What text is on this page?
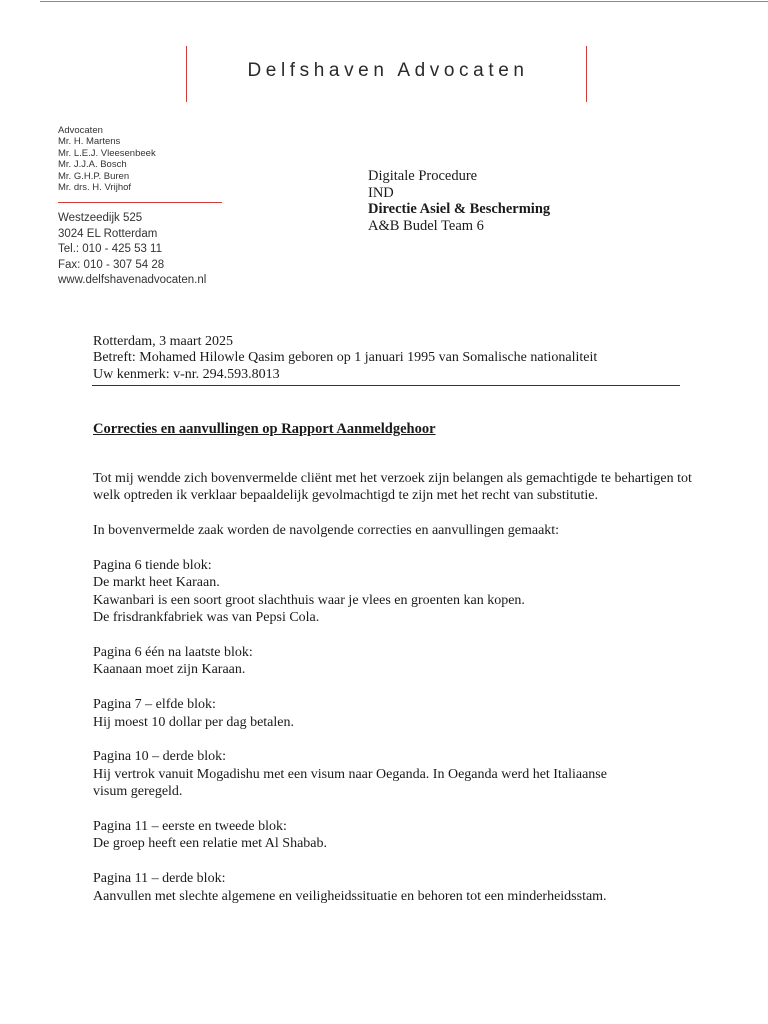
Delfshaven Advocaten
Advocaten
Mr. H. Martens
Mr. L.E.J. Vleesenbeek
Mr. J.J.A. Bosch
Mr. G.H.P. Buren
Mr. drs. H. Vrijhof
Westzeedijk 525
3024 EL Rotterdam
Tel.: 010 - 425 53 11
Fax: 010 - 307 54 28
www.delfshavenadvocaten.nl
Digitale Procedure
IND
Directie Asiel & Bescherming
A&B Budel Team 6
Rotterdam, 3 maart 2025
Betreft: Mohamed Hilowle Qasim geboren op 1 januari 1995 van Somalische nationaliteit
Uw kenmerk: v-nr. 294.593.8013
Correcties en aanvullingen op Rapport Aanmeldgehoor

Tot mij wendde zich bovenvermelde cliënt met het verzoek zijn belangen als gemachtigde te behartigen tot welk optreden ik verklaar bepaaldelijk gevolmachtigd te zijn met het recht van substitutie.

In bovenvermelde zaak worden de navolgende correcties en aanvullingen gemaakt:

Pagina 6 tiende blok:
De markt heet Karaan.
Kawanbari is een soort groot slachthuis waar je vlees en groenten kan kopen.
De frisdrankfabriek was van Pepsi Cola.
Pagina 6 één na laatste blok:
Kaanaan moet zijn Karaan.
Pagina 7 – elfde blok:
Hij moest 10 dollar per dag betalen.
Pagina 10 – derde blok:
Hij vertrok vanuit Mogadishu met een visum naar Oeganda. In Oeganda werd het Italiaanse
visum geregeld.
Pagina 11 – eerste en tweede blok:
De groep heeft een relatie met Al Shabab.
Pagina 11 – derde blok:
Aanvullen met slechte algemene en veiligheidssituatie en behoren tot een minderheidsstam.
